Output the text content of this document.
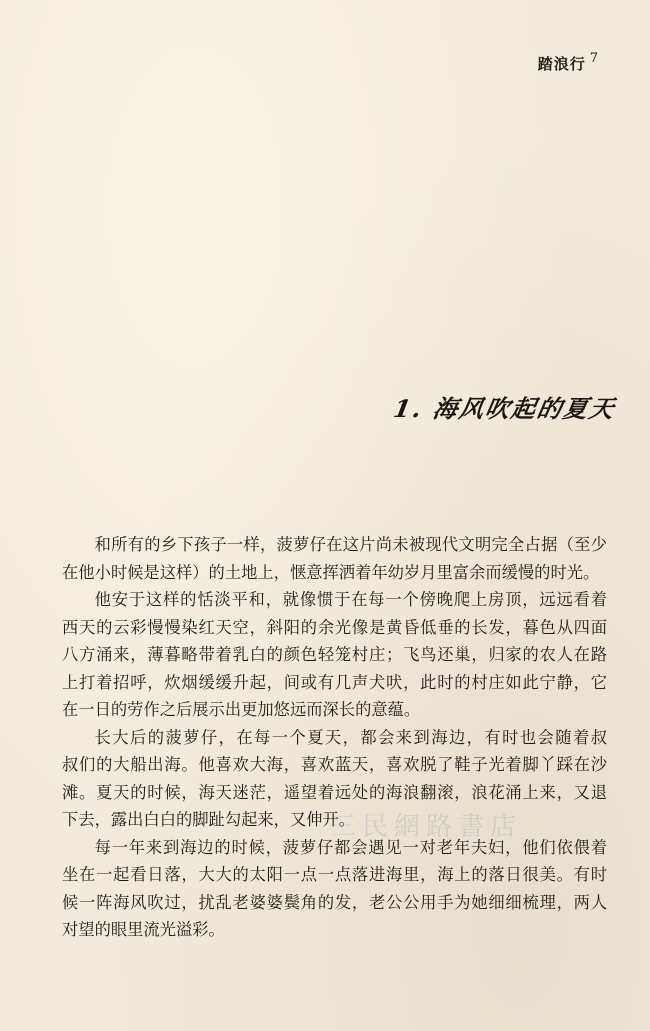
踏浪行 7
1. 海风吹起的夏天
和所有的乡下孩子一样，菠萝仔在这片尚未被现代文明完全占据（至少
在他小时候是这样）的土地上，惬意挥洒着年幼岁月里富余而缓慢的时光。
他安于这样的恬淡平和，就像惯于在每一个傍晚爬上房顶，远远看着
西天的云彩慢慢染红天空，斜阳的余光像是黄昏低垂的长发，暮色从四面
八方涌来，薄暮略带着乳白的颜色轻笼村庄；飞鸟还巢，归家的农人在路
上打着招呼，炊烟缓缓升起，间或有几声犬吠，此时的村庄如此宁静，它
在一日的劳作之后展示出更加悠远而深长的意蕴。
长大后的菠萝仔，在每一个夏天，都会来到海边，有时也会随着叔
叔们的大船出海。他喜欢大海，喜欢蓝天，喜欢脱了鞋子光着脚丫踩在沙
滩。夏天的时候，海天迷茫，遥望着远处的海浪翻滚，浪花涌上来，又退
下去，露出白白的脚趾勾起来，又伸开。
每一年来到海边的时候，菠萝仔都会遇见一对老年夫妇，他们依偎着
坐在一起看日落，大大的太阳一点一点落进海里，海上的落日很美。有时
候一阵海风吹过，扰乱老婆婆鬓角的发，老公公用手为她细细梳理，两人
对望的眼里流光溢彩。
三民網路書店
